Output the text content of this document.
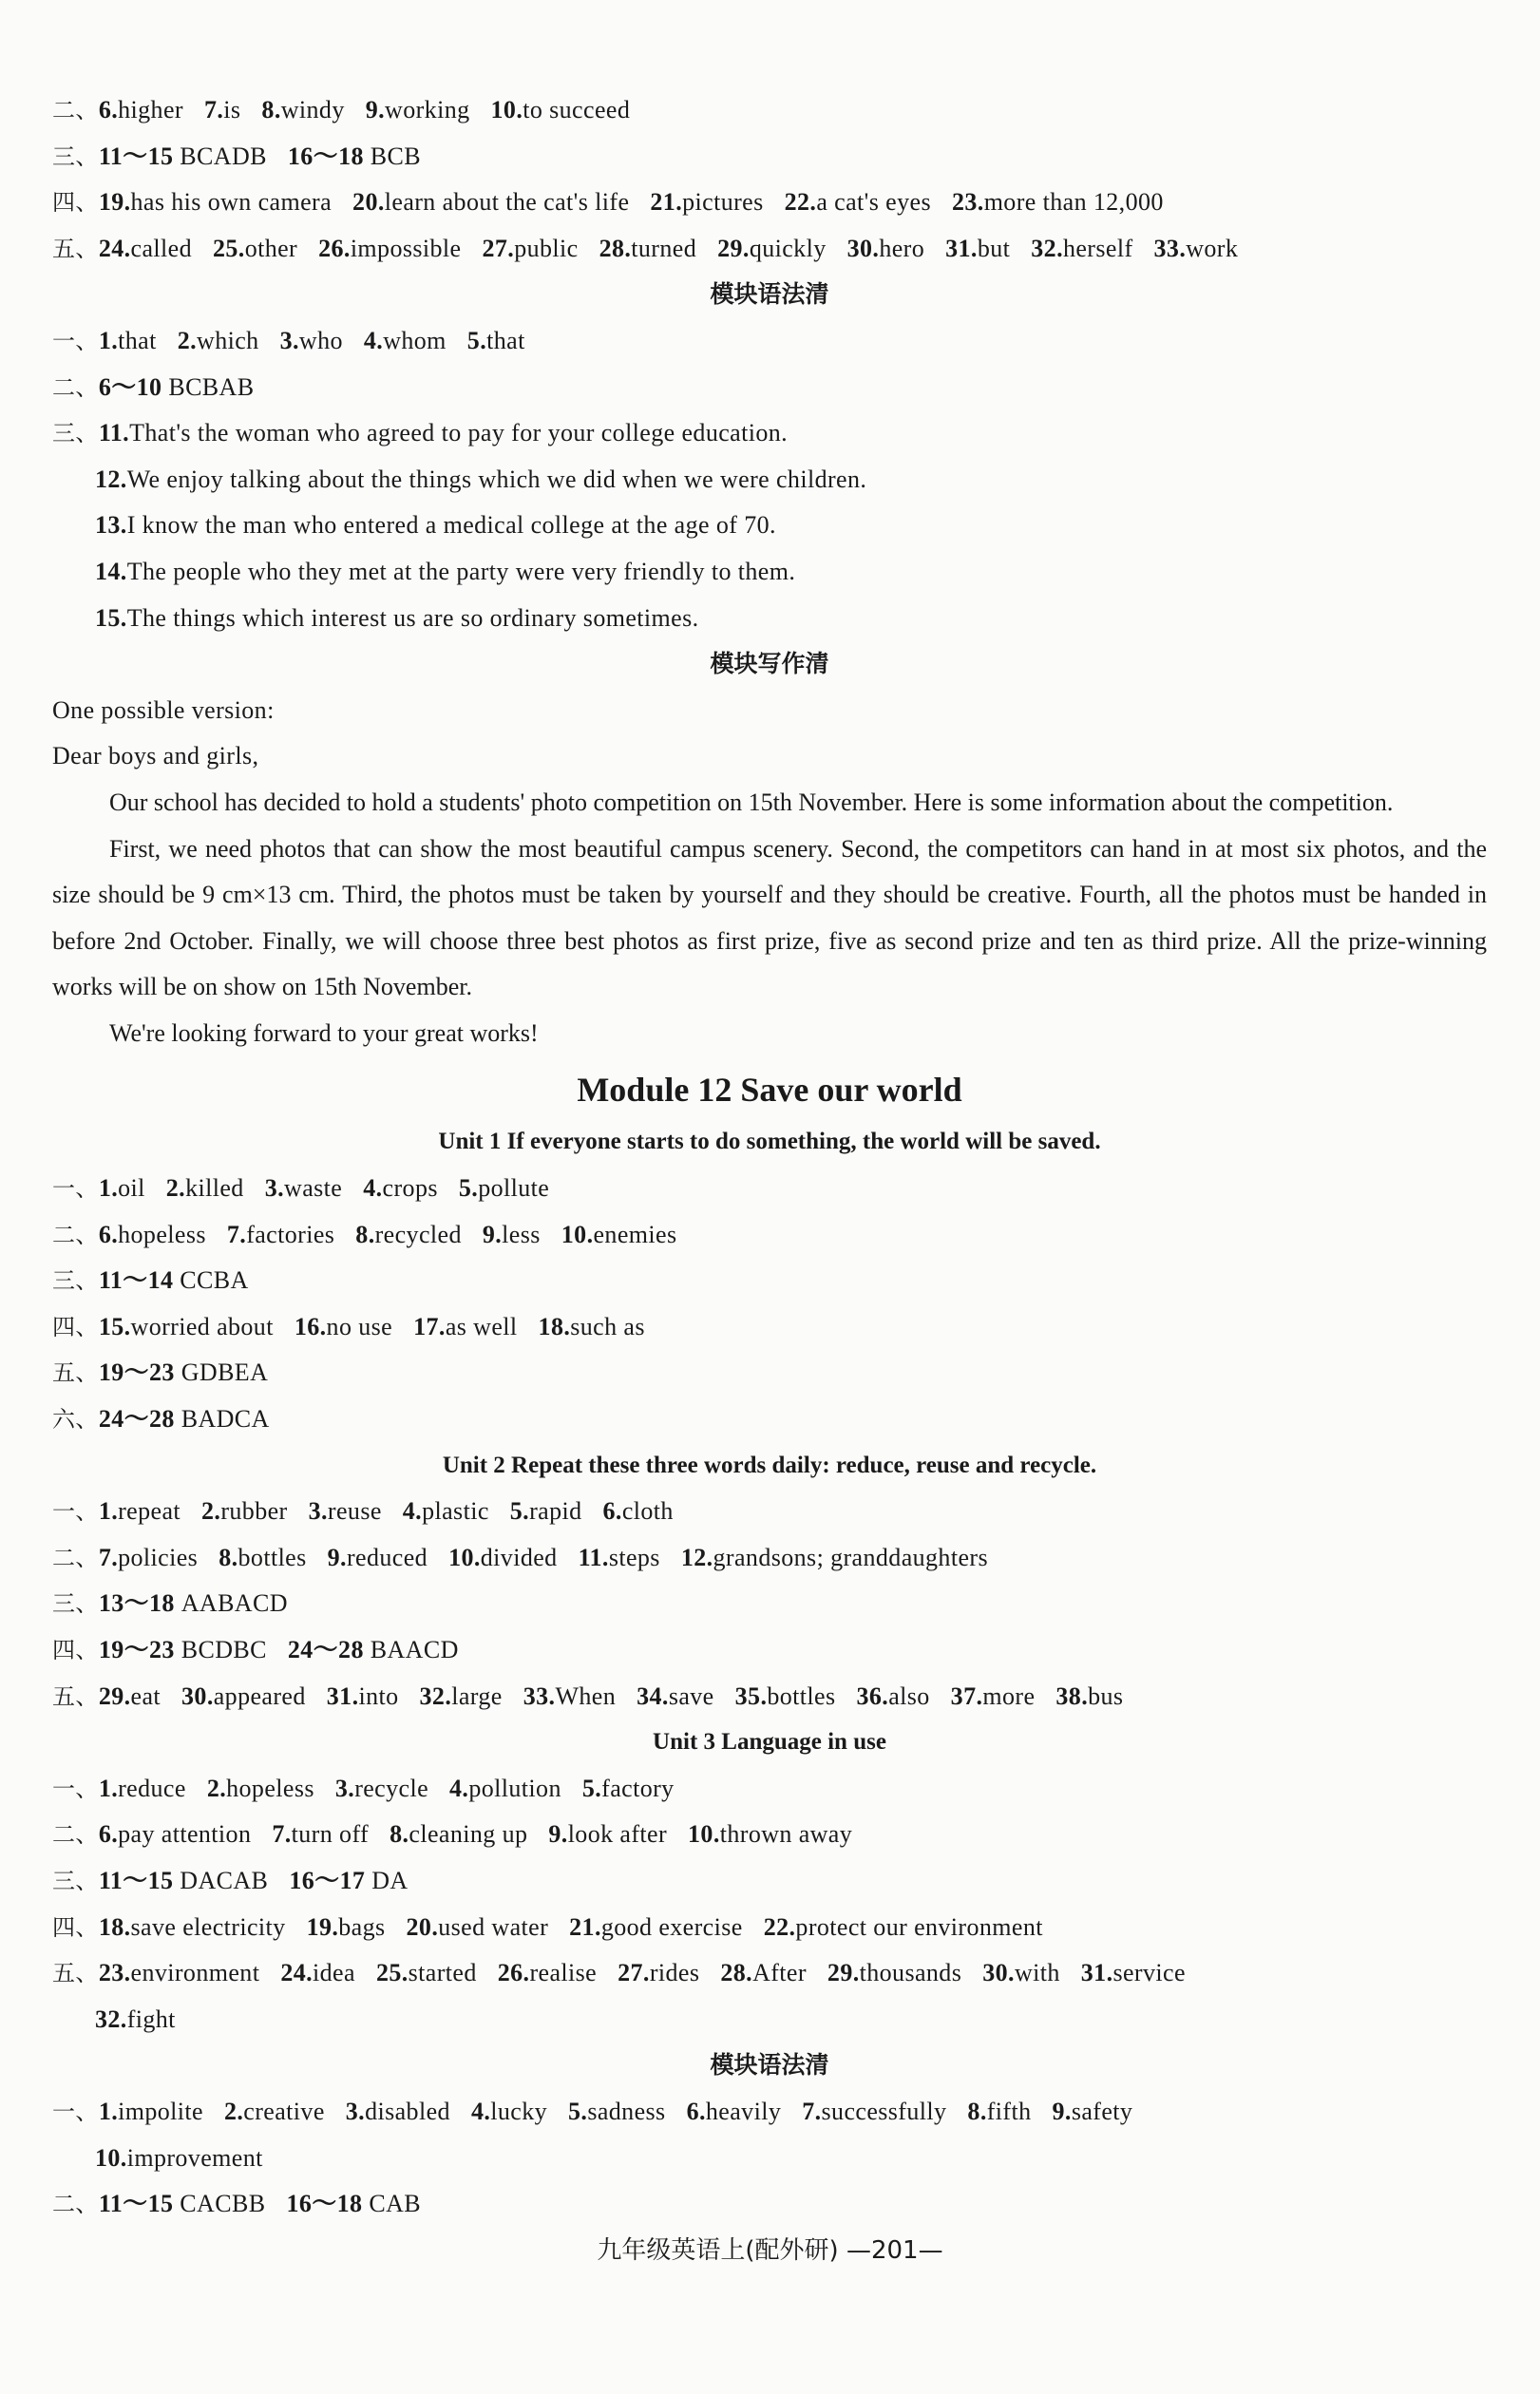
二、6.higher 7.is 8.windy 9.working 10.to succeed
三、11～15 BCADB 16～18 BCB
四、19.has his own camera 20.learn about the cat's life 21.pictures 22.a cat's eyes 23.more than 12,000
五、24.called 25.other 26.impossible 27.public 28.turned 29.quickly 30.hero 31.but 32.herself 33.work
模块语法清
一、1.that 2.which 3.who 4.whom 5.that
二、6～10 BCBAB
三、11.That's the woman who agreed to pay for your college education.
12.We enjoy talking about the things which we did when we were children.
13.I know the man who entered a medical college at the age of 70.
14.The people who they met at the party were very friendly to them.
15.The things which interest us are so ordinary sometimes.
模块写作清
One possible version:
Dear boys and girls,
Our school has decided to hold a students' photo competition on 15th November. Here is some information about the competition.
First, we need photos that can show the most beautiful campus scenery. Second, the competitors can hand in at most six photos, and the size should be 9 cm×13 cm. Third, the photos must be taken by yourself and they should be creative. Fourth, all the photos must be handed in before 2nd October. Finally, we will choose three best photos as first prize, five as second prize and ten as third prize. All the prize-winning works will be on show on 15th November.
We're looking forward to your great works!
Module 12 Save our world
Unit 1 If everyone starts to do something, the world will be saved.
一、1.oil 2.killed 3.waste 4.crops 5.pollute
二、6.hopeless 7.factories 8.recycled 9.less 10.enemies
三、11～14 CCBA
四、15.worried about 16.no use 17.as well 18.such as
五、19～23 GDBEA
六、24～28 BADCA
Unit 2 Repeat these three words daily: reduce, reuse and recycle.
一、1.repeat 2.rubber 3.reuse 4.plastic 5.rapid 6.cloth
二、7.policies 8.bottles 9.reduced 10.divided 11.steps 12.grandsons; granddaughters
三、13～18 AABACD
四、19～23 BCDBC 24～28 BAACD
五、29.eat 30.appeared 31.into 32.large 33.When 34.save 35.bottles 36.also 37.more 38.bus
Unit 3 Language in use
一、1.reduce 2.hopeless 3.recycle 4.pollution 5.factory
二、6.pay attention 7.turn off 8.cleaning up 9.look after 10.thrown away
三、11～15 DACAB 16～17 DA
四、18.save electricity 19.bags 20.used water 21.good exercise 22.protect our environment
五、23.environment 24.idea 25.started 26.realise 27.rides 28.After 29.thousands 30.with 31.service
32.fight
模块语法清
一、1.impolite 2.creative 3.disabled 4.lucky 5.sadness 6.heavily 7.successfully 8.fifth 9.safety
10.improvement
二、11～15 CACBB 16～18 CAB
九年级英语上(配外研) —201—
